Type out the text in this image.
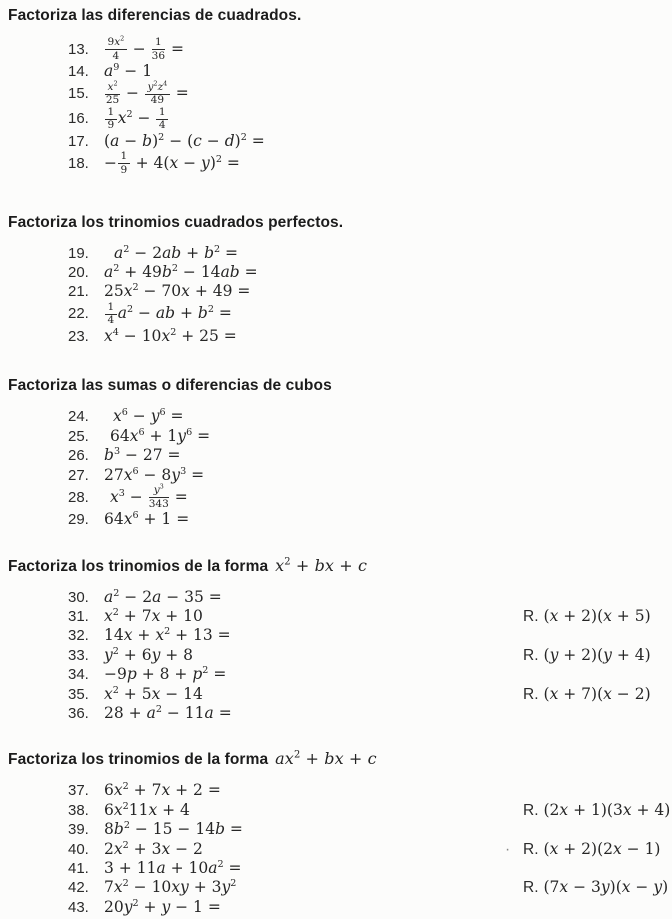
Factoriza las diferencias de cuadrados.
13. $\frac{9x^2}{4} - \frac{1}{36}$ =
14. $a^9 - 1$
15. $\frac{x^2}{25} - \frac{y^2z^4}{49}$ =
16. $\frac{1}{9} x^2 - \frac{1}{4}$
17. $(a - b)^2 - (c - d)^2$ =
18. − $\frac{1}{9} + 4(x - y)^2$ =
Factoriza los trinomios cuadrados perfectos.
19. $a^2 - 2ab + b^2$ =
20. $a^2 + 49b^2 - 14ab$ =
21. $25x^2 - 70x + 49$ =
22. $\frac{1}{4} a^2$ − ab + $b^2$ =
23. $x^4 - 10x^2 + 25$ =
Factoriza las sumas o diferencias de cubos
24. $x^6 - y^6$ =
25. $64x^6 + 1y^6$ =
26. $b^3 - 27$ =
27. $27x^6 - 8y^3$ =
28. $x^3 - \frac{y^3}{343}$ =
29. $64x^6 + 1$ =
Factoriza los trinomios de la forma $x^2$ + bx + c
30. $a^2 - 2a - 35$ =
31. $x^2 + 7x + 10$	R. (x + 2)(x + 5)
32. $14x + x^2 + 13$ =
33. $y^2 + 6y + 8$	R. (y + 2)(y + 4)
34. $-9p + 8 + p^2$ =
35. $x^2 + 5x - 14$	R. (x + 7)(x − 2)
36. $28 + a^2 - 11a$ =
Factoriza los trinomios de la forma $ax^2$ + bx + c
37. $6x^2 + 7x + 2$ =
38. $6x^211x + 4$	R. (2x + 1)(3x + 4)
39. $8b^2 - 15 - 14b$ =
40. $2x^2 + 3x - 2$	· R. (x + 2)(2x − 1)
41. $3 + 11a + 10a^2$ =
42. $7x^2 - 10xy + 3y^2$	R. (7x − 3y)(x − y)
43. $20y^2 + y - 1$ =
